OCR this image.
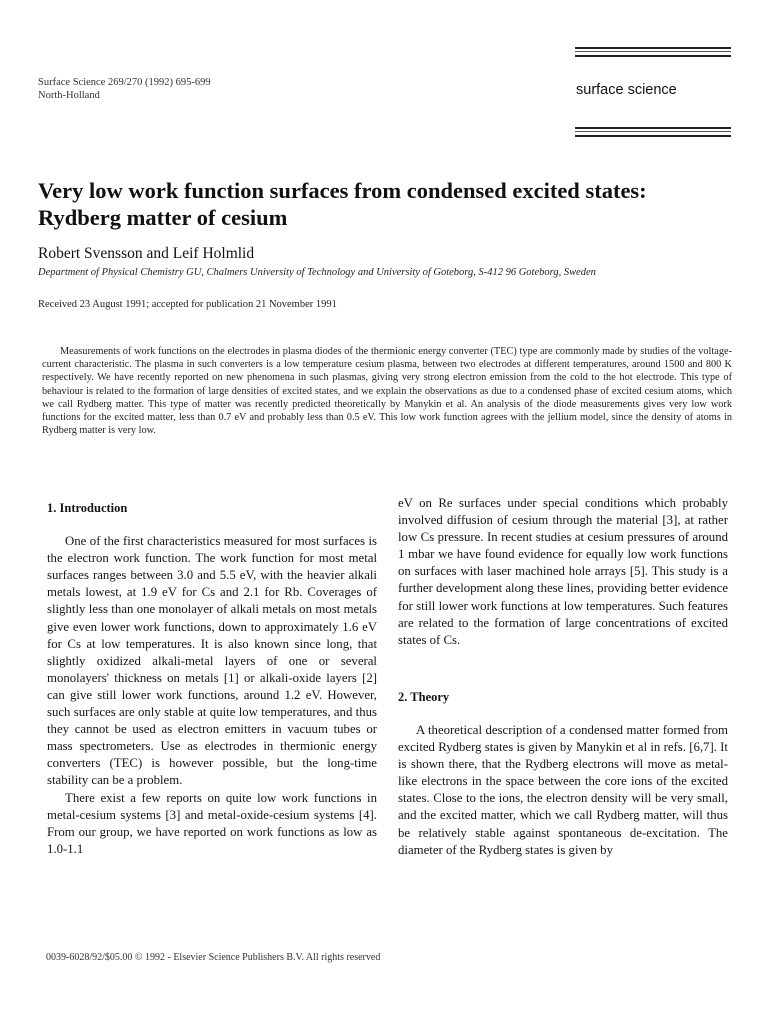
Surface Science 269/270 (1992) 695-699
North-Holland	surface science
Very low work function surfaces from condensed excited states:
Rydberg matter of cesium
Robert Svensson and Leif Holmlid
Department of Physical Chemistry GU, Chalmers University of Technology and University of Goteborg, S-412 96 Goteborg, Sweden
Received 23 August 1991; accepted for publication 21 November 1991

Measurements of work functions on the electrodes in plasma diodes of the thermionic energy converter (TEC) type are commonly made by studies of the voltage-current characteristic. The plasma in such converters is a low temperature cesium plasma, between two electrodes at different temperatures, around 1500 and 800 K respectively. We have recently reported on new phenomena in such plasmas, giving very strong electron emission from the cold to the hot electrode. This type of behaviour is related to the formation of large densities of excited states, and we explain the observations as due to a condensed phase of excited cesium atoms, which we call Rydberg matter. This type of matter was recently predicted theoretically by Manykin et al. An analysis of the diode measurements gives very low work functions for the excited matter, less than 0.7 eV and probably less than 0.5 eV. This low work function agrees with the jellium model, since the density of atoms in Rydberg matter is very low.

1. Introduction

One of the first characteristics measured for most surfaces is the electron work function. The work function for most metal surfaces ranges between 3.0 and 5.5 eV, with the heavier alkali metals lowest, at 1.9 eV for Cs and 2.1 for Rb. Coverages of slightly less than one monolayer of alkali metals on most metals give even lower work functions, down to approximately 1.6 eV for Cs at low temperatures. It is also known since long, that slightly oxidized alkali-metal layers of one or several monolayers' thickness on metals [1] or alkali-oxide layers [2] can give still lower work functions, around 1.2 eV. However, such surfaces are only stable at quite low temperatures, and thus they cannot be used as electron emitters in vacuum tubes or mass spectrometers. Use as electrodes in thermionic energy converters (TEC) is however possible, but the long-time stability can be a problem.

There exist a few reports on quite low work functions in metal-cesium systems [3] and metal-oxide-cesium systems [4]. From our group, we have reported on work functions as low as 1.0-1.1

eV on Re surfaces under special conditions which probably involved diffusion of cesium through the material [3], at rather low Cs pressure. In recent studies at cesium pressures of around 1 mbar we have found evidence for equally low work functions on surfaces with laser machined hole arrays [5]. This study is a further development along these lines, providing better evidence for still lower work functions at low temperatures. Such features are related to the formation of large concentrations of excited states of Cs.

2. Theory

A theoretical description of a condensed matter formed from excited Rydberg states is given by Manykin et al in refs. [6,7]. It is shown there, that the Rydberg electrons will move as metal-like electrons in the space between the core ions of the excited states. Close to the ions, the electron density will be very small, and the excited matter, which we call Rydberg matter, will thus be relatively stable against spontaneous de-excitation. The diameter of the Rydberg states is given by

0039-6028/92/$05.00 © 1992 - Elsevier Science Publishers B.V. All rights reserved
